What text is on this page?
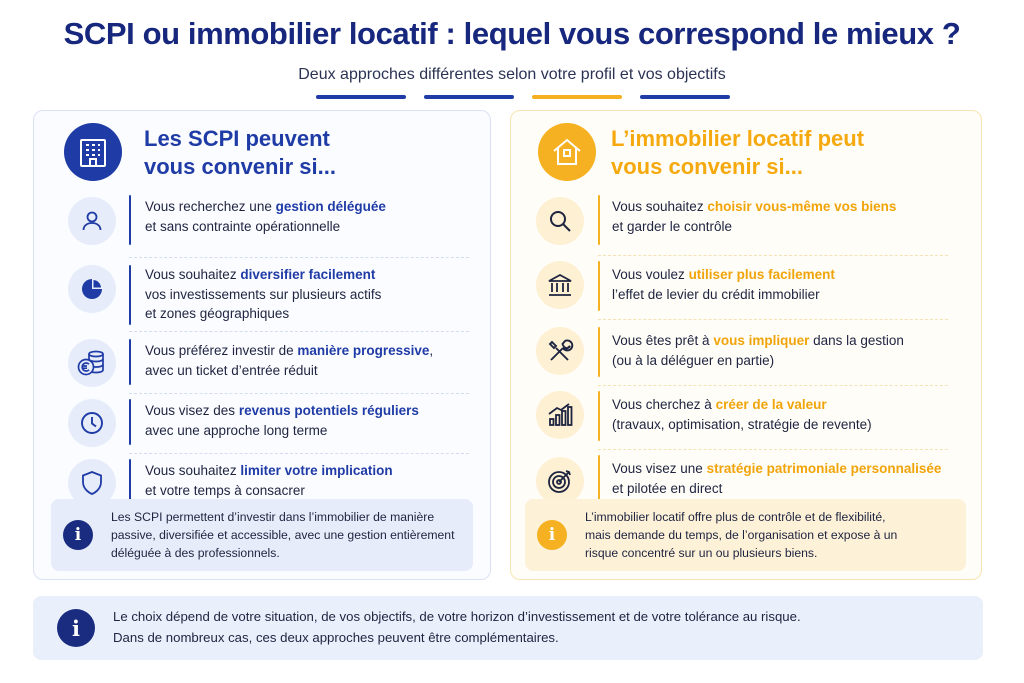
SCPI ou immobilier locatif : lequel vous correspond le mieux ?
Deux approches différentes selon votre profil et vos objectifs
Les SCPI peuvent
vous convenir si...
Vous recherchez une gestion déléguée
et sans contrainte opérationnelle
Vous souhaitez diversifier facilement
vos investissements sur plusieurs actifs
et zones géographiques
Vous préférez investir de manière progressive,
avec un ticket d’entrée réduit
Vous visez des revenus potentiels réguliers
avec une approche long terme
Vous souhaitez limiter votre implication
et votre temps à consacrer
i
Les SCPI permettent d’investir dans l’immobilier de manière
passive, diversifiée et accessible, avec une gestion entièrement
déléguée à des professionnels.
L’immobilier locatif peut
vous convenir si...
Vous souhaitez choisir vous-même vos biens
et garder le contrôle
Vous voulez utiliser plus facilement
l’effet de levier du crédit immobilier
Vous êtes prêt à vous impliquer dans la gestion
(ou à la déléguer en partie)
Vous cherchez à créer de la valeur
(travaux, optimisation, stratégie de revente)
Vous visez une stratégie patrimoniale personnalisée
et pilotée en direct
i
L’immobilier locatif offre plus de contrôle et de flexibilité,
mais demande du temps, de l’organisation et expose à un
risque concentré sur un ou plusieurs biens.
i	Le choix dépend de votre situation, de vos objectifs, de votre horizon d’investissement et de votre tolérance au risque.
Dans de nombreux cas, ces deux approches peuvent être complémentaires.
